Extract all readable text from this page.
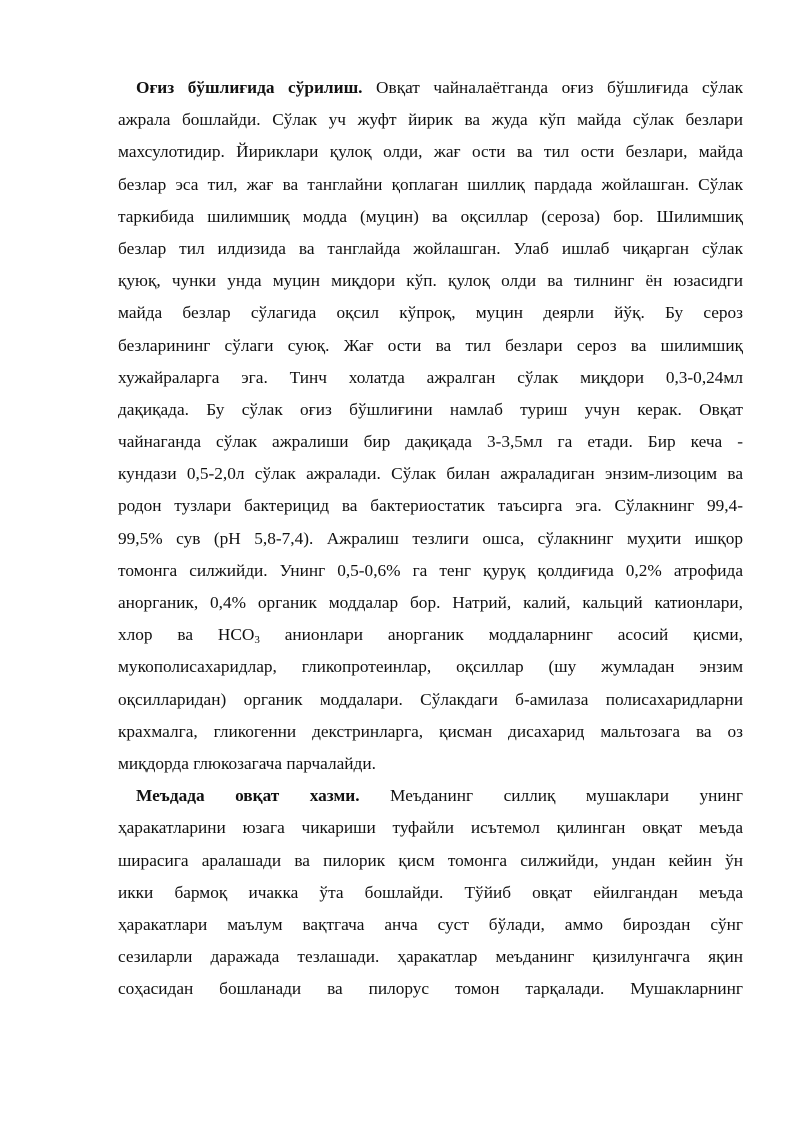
Оғиз бўшлиғида сўрилиш. Овқат чайналаётганда оғиз бўшлиғида сўлак
ажрала бошлайди. Сўлак уч жуфт йирик ва жуда кўп майда сўлак безлари
махсулотидир. Йириклари қулоқ олди, жағ ости ва тил ости безлари, майда
безлар эса тил, жағ ва танглайни қоплаган шиллиқ пардада жойлашган. Сўлак
таркибида шилимшиқ модда (муцин) ва оқсиллар (сероза) бор. Шилимшиқ
безлар тил илдизида ва танглайда жойлашган. Улаб ишлаб чиқарган сўлак
қуюқ, чунки унда муцин миқдори кўп. қулоқ олди ва тилнинг ён юзасидги
майда безлар сўлагида оқсил кўпроқ, муцин деярли йўқ. Бу сероз
безларининг сўлаги суюқ. Жағ ости ва тил безлари сероз ва шилимшиқ
хужайраларга эга. Тинч холатда ажралган сўлак миқдори 0,3-0,24мл
дақиқада. Бу сўлак оғиз бўшлиғини намлаб туриш учун керак. Овқат
чайнаганда сўлак ажралиши бир дақиқада 3-3,5мл га етади. Бир кеча -
кундази 0,5-2,0л сўлак ажралади. Сўлак билан ажраладиган энзим-лизоцим ва
родон тузлари бактерицид ва бактериостатик таъсирга эга. Сўлакнинг 99,4-
99,5% сув (рН 5,8-7,4). Ажралиш тезлиги ошса, сўлакнинг муҳити ишқор
томонга силжийди. Унинг 0,5-0,6% га тенг қуруқ қолдиғида 0,2% атрофида
анорганик, 0,4% органик моддалар бор. Натрий, калий, кальций катионлари,
хлор ва $НСО_3$ анионлари анорганик моддаларнинг асосий қисми,
мукополисахаридлар, гликопротеинлар, оқсиллар (шу жумладан энзим
оқсилларидан) органик моддалари. Сўлакдаги б-амилаза полисахаридларни
крахмалга, гликогенни декстринларга, қисман дисахарид мальтозага ва оз
миқдорда глюкозагача парчалайди.
Меъдада овқат хазми. Меъданинг силлиқ мушаклари унинг
ҳаракатларини юзага чикариши туфайли исътемол қилинган овқат меъда
ширасига аралашади ва пилорик қисм томонга силжийди, ундан кейин ўн
икки бармоқ ичакка ўта бошлайди. Тўйиб овқат ейилгандан меъда
ҳаракатлари маълум вақтгача анча суст бўлади, аммо бироздан сўнг
сезиларли даражада тезлашади. ҳаракатлар меъданинг қизилунгачга яқин
соҳасидан бошланади ва пилорус томон тарқалади. Мушакларнинг
